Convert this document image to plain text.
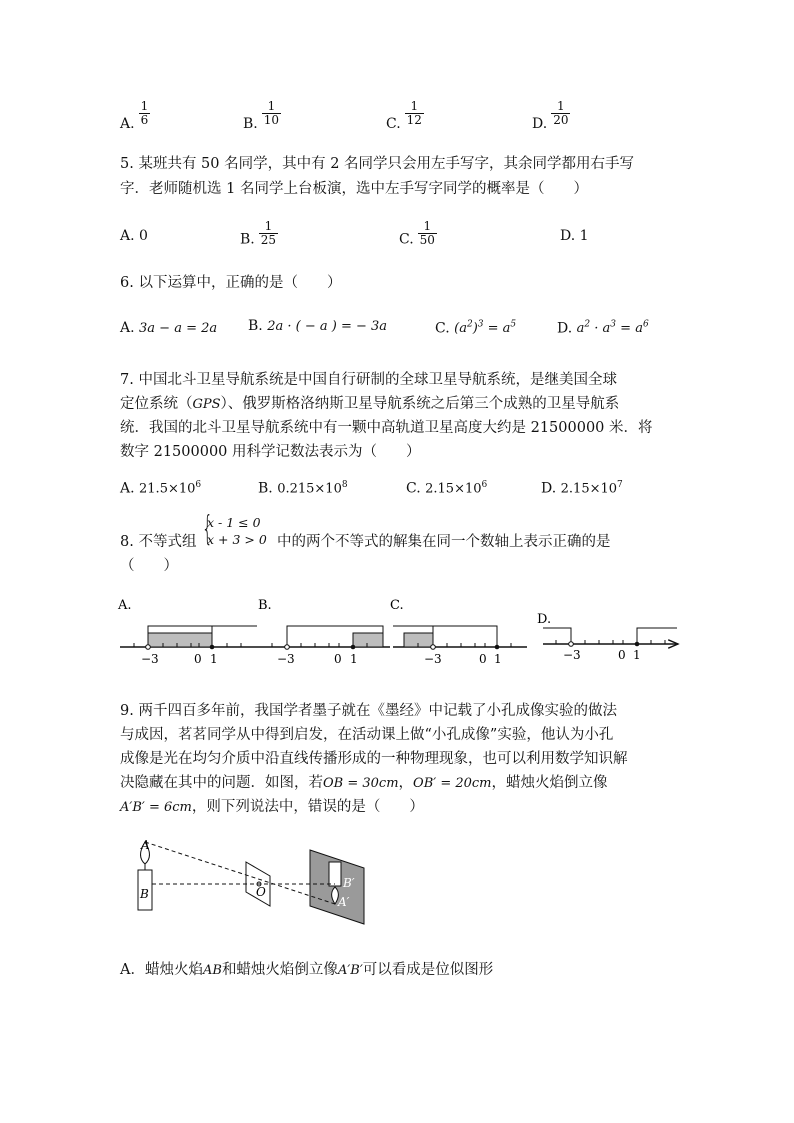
A. $\frac{1}{6}$	B. $\frac{1}{10}$	C. $\frac{1}{12}$	D. $\frac{1}{20}$
5. 某班共有 50 名同学，其中有 2 名同学只会用左手写字，其余同学都用右手写
字．老师随机选 1 名同学上台板演，选中左手写字同学的概率是（　　）
A. 0	B. $\frac{1}{25}$	C. $\frac{1}{50}$	D. 1
6. 以下运算中，正确的是（　　）
A. 3a − a = 2a B. 2a · ( − a ) = − 3a	C. $(a^2)^3 = a^5$	D. $a^2 \cdot a^3 = a^6$
7. 中国北斗卫星导航系统是中国自行研制的全球卫星导航系统，是继美国全球
定位系统（GPS）、俄罗斯格洛纳斯卫星导航系统之后第三个成熟的卫星导航系
统．我国的北斗卫星导航系统中有一颗中高轨道卫星高度大约是 21500000 米．将
数字 21500000 用科学记数法表示为（　　）
A. $21.5\times 10^6$	B. $0.215\times 10^8$	C. $2.15\times 10^6$	D. $2.15\times 10^7$
8. 不等式组 {
x - 1 ≤ 0
x + 3 > 0 中的两个不等式的解集在同一个数轴上表示正确的是
（　　）
A.
−3	0 1
B.
−3	0 1
C.
−3	0 1
D.
−3	0 1
9. 两千四百多年前，我国学者墨子就在《墨经》中记载了小孔成像实验的做法
与成因，茗茗同学从中得到启发，在活动课上做“小孔成像”实验，他认为小孔
成像是光在均匀介质中沿直线传播形成的一种物理现象，也可以利用数学知识解
决隐藏在其中的问题．如图，若OB = 30cm，OB′ = 20cm，蜡烛火焰倒立像
A′B′ = 6cm，则下列说法中，错误的是（　　）
A
B	O
B′
A′
A．蜡烛火焰AB和蜡烛火焰倒立像A′B′可以看成是位似图形
